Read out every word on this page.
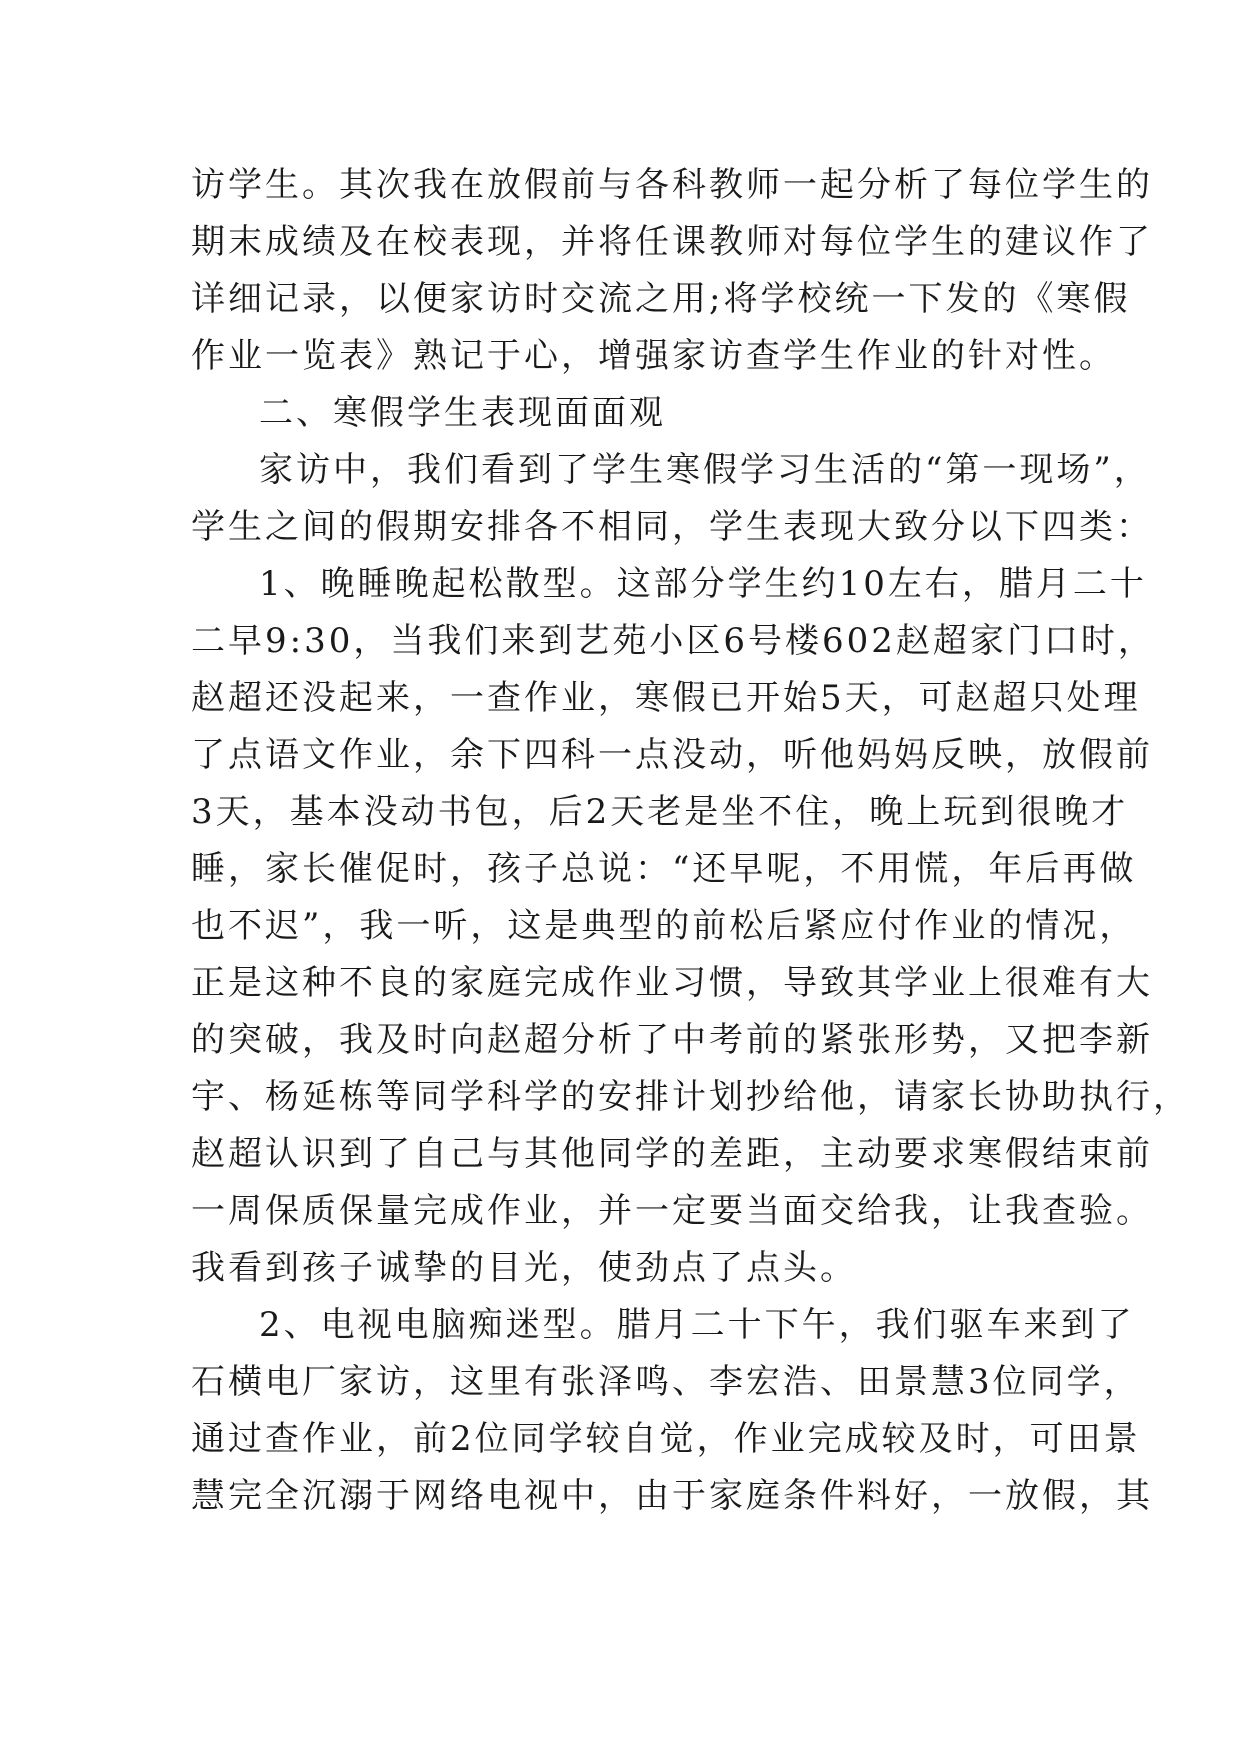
访学生。其次我在放假前与各科教师一起分析了每位学生的
期末成绩及在校表现，并将任课教师对每位学生的建议作了
详细记录，以便家访时交流之用;将学校统一下发的《寒假
作业一览表》熟记于心，增强家访查学生作业的针对性。
二、寒假学生表现面面观
家访中，我们看到了学生寒假学习生活的“第一现场”，
学生之间的假期安排各不相同，学生表现大致分以下四类：
1、晚睡晚起松散型。这部分学生约10左右，腊月二十
二早9:30，当我们来到艺苑小区6号楼602赵超家门口时，
赵超还没起来，一查作业，寒假已开始5天，可赵超只处理
了点语文作业，余下四科一点没动，听他妈妈反映，放假前
3天，基本没动书包，后2天老是坐不住，晚上玩到很晚才
睡，家长催促时，孩子总说：“还早呢，不用慌，年后再做
也不迟”，我一听，这是典型的前松后紧应付作业的情况，
正是这种不良的家庭完成作业习惯，导致其学业上很难有大
的突破，我及时向赵超分析了中考前的紧张形势，又把李新
宇、杨延栋等同学科学的安排计划抄给他，请家长协助执行，
赵超认识到了自己与其他同学的差距，主动要求寒假结束前
一周保质保量完成作业，并一定要当面交给我，让我查验。
我看到孩子诚挚的目光，使劲点了点头。
2、电视电脑痴迷型。腊月二十下午，我们驱车来到了
石横电厂家访，这里有张泽鸣、李宏浩、田景慧3位同学，
通过查作业，前2位同学较自觉，作业完成较及时，可田景
慧完全沉溺于网络电视中，由于家庭条件料好，一放假，其
